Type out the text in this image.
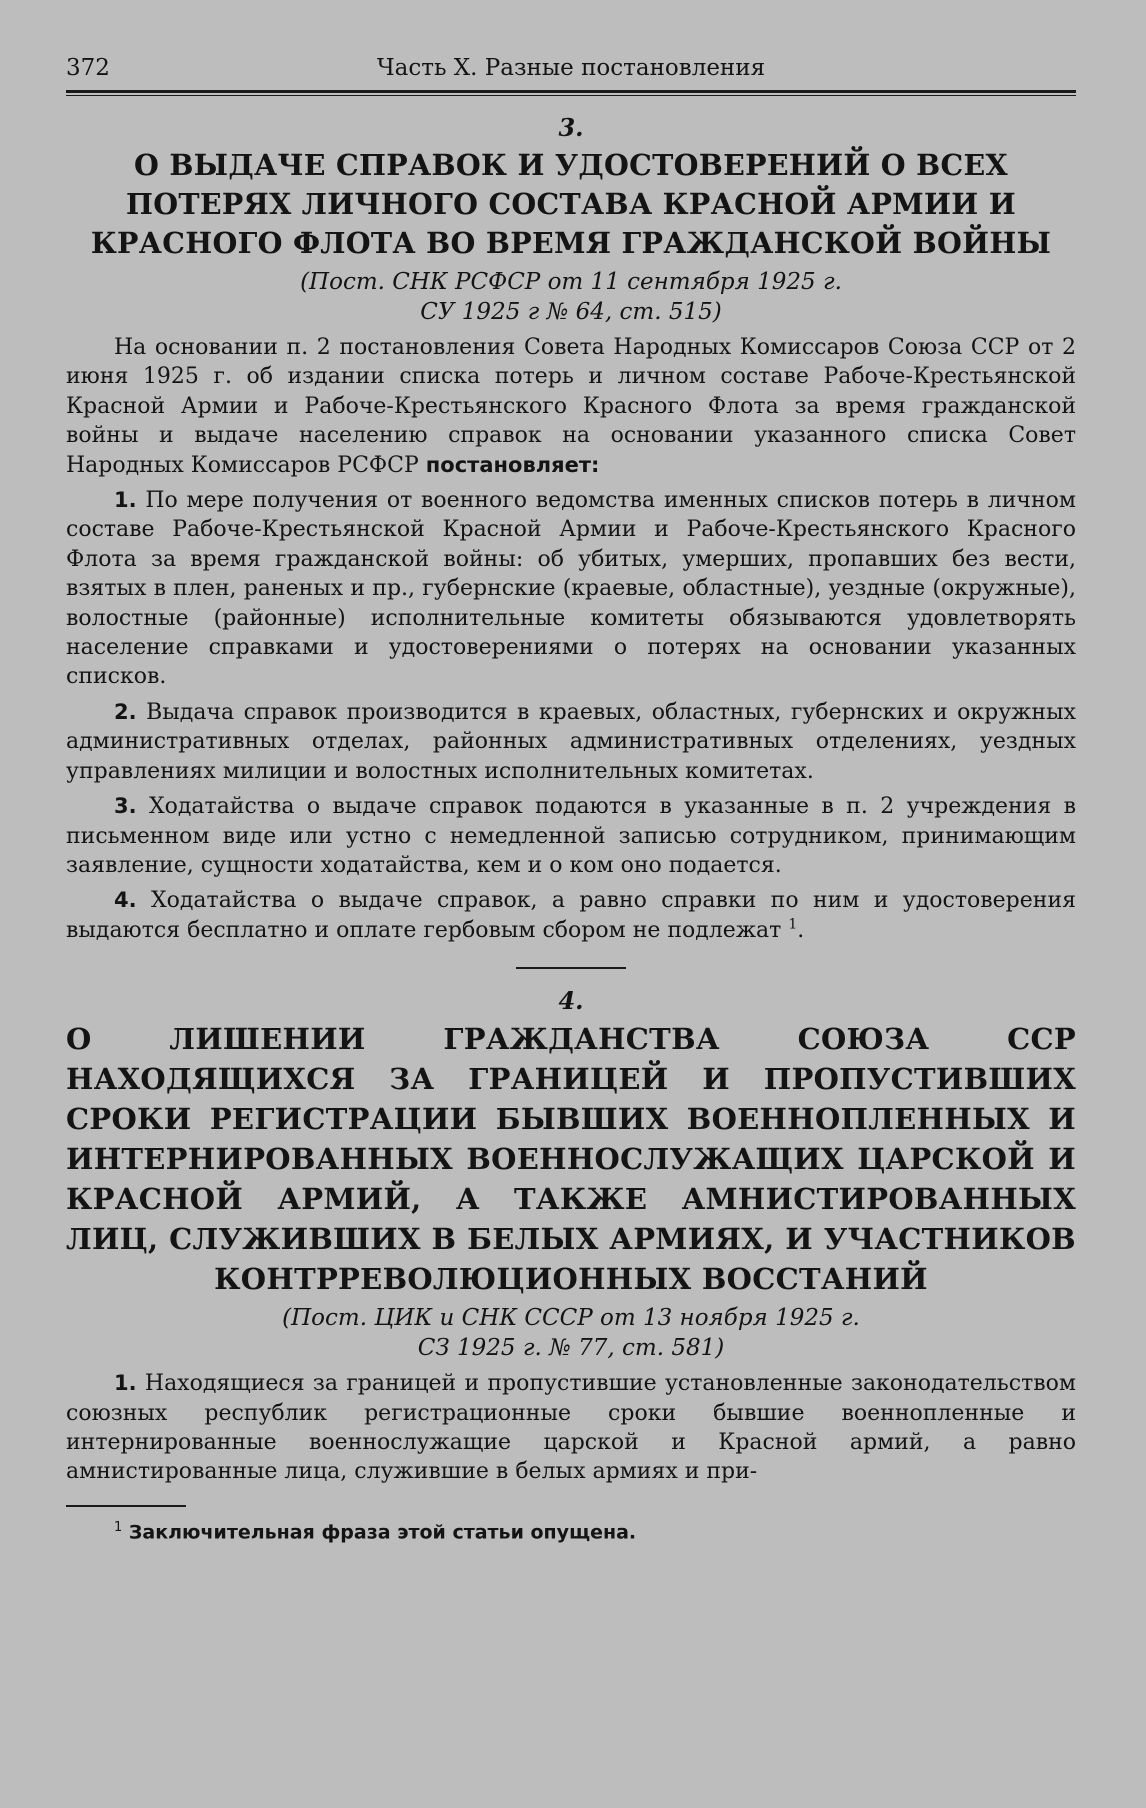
372	Часть X. Разные постановления

3.

О ВЫДАЧЕ СПРАВОК И УДОСТОВЕРЕНИЙ О ВСЕХ ПОТЕРЯХ ЛИЧНОГО СОСТАВА КРАСНОЙ АРМИИ И КРАСНОГО ФЛОТА ВО ВРЕМЯ ГРАЖДАНСКОЙ ВОЙНЫ
(Пост. СНК РСФСР от 11 сентября 1925 г.
СУ 1925 г № 64, ст. 515)

На основании п. 2 постановления Совета Народных Комиссаров Союза ССР от 2 июня 1925 г. об издании списка потерь и личном составе Рабоче-Крестьянской Красной Армии и Рабоче-Крестьянского Красного Флота за время гражданской войны и выдаче населению справок на основании указанного списка Совет Народных Комиссаров РСФСР постановляет:

1. По мере получения от военного ведомства именных списков потерь в личном составе Рабоче-Крестьянской Красной Армии и Рабоче-Крестьянского Красного Флота за время гражданской войны: об убитых, умерших, пропавших без вести, взятых в плен, раненых и пр., губернские (краевые, областные), уездные (окружные), волостные (районные) исполнительные комитеты обязываются удовлетворять население справками и удостоверениями о потерях на основании указанных списков.

2. Выдача справок производится в краевых, областных, губернских и окружных административных отделах, районных административных отделениях, уездных управлениях милиции и волостных исполнительных комитетах.

3. Ходатайства о выдаче справок подаются в указанные в п. 2 учреждения в письменном виде или устно с немедленной записью сотрудником, принимающим заявление, сущности ходатайства, кем и о ком оно подается.

4. Ходатайства о выдаче справок, а равно справки по ним и удостоверения выдаются бесплатно и оплате гербовым сбором не подлежат $^1$.

4.

О ЛИШЕНИИ ГРАЖДАНСТВА СОЮЗА ССР НАХОДЯЩИХСЯ ЗА ГРАНИЦЕЙ И ПРОПУСТИВШИХ СРОКИ РЕГИСТРАЦИИ БЫВШИХ ВОЕННОПЛЕННЫХ И ИНТЕРНИРОВАННЫХ ВОЕННОСЛУЖАЩИХ ЦАРСКОЙ И КРАСНОЙ АРМИЙ, А ТАКЖЕ АМНИСТИРОВАННЫХ ЛИЦ, СЛУЖИВШИХ В БЕЛЫХ АРМИЯХ, И УЧАСТНИКОВ КОНТРРЕВОЛЮЦИОННЫХ ВОССТАНИЙ
(Пост. ЦИК и СНК СССР от 13 ноября 1925 г.
СЗ 1925 г. № 77, ст. 581)

1. Находящиеся за границей и пропустившие установленные законодательством союзных республик регистрационные сроки бывшие военнопленные и интернированные военнослужащие царской и Красной армий, а равно амнистированные лица, служившие в белых армиях и при-

$^1$ Заключительная фраза этой статьи опущена.
